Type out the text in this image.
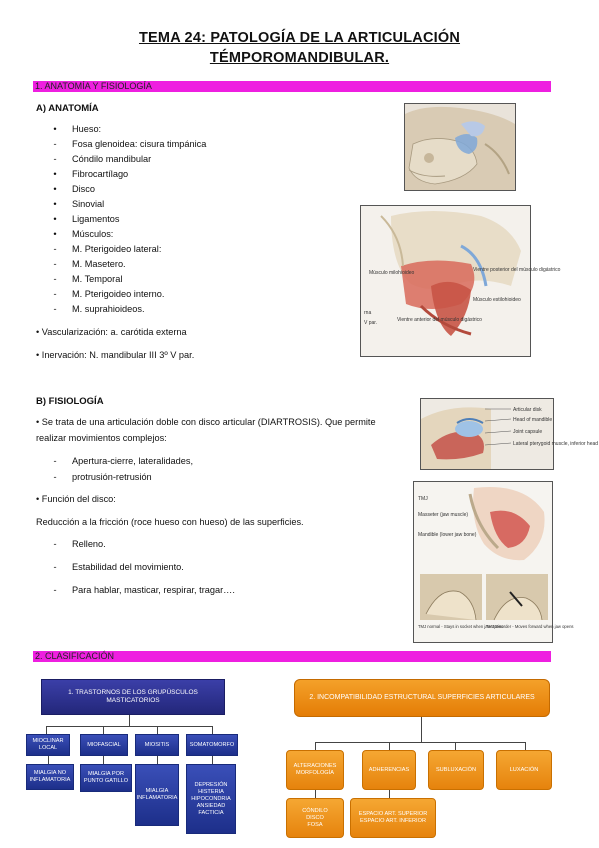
TEMA 24: PATOLOGÍA DE LA ARTICULACIÓN
TÉMPOROMANDIBULAR.
1. ANATOMÍA Y FISIOLOGÍA
A) ANATOMÍA
•	Hueso:
-	Fosa glenoidea: cisura timpánica
-	Cóndilo mandibular
•	Fibrocartílago
•	Disco
•	Sinovial
•	Ligamentos
•	Músculos:
-	M. Pterigoideo lateral:
-	M. Masetero.
-	M. Temporal
-	M. Pterigoideo interno.
-	M. suprahioideos.
• Vascularización: a. carótida externa
• Inervación: N. mandibular III 3º V par.
Músculo milohioideo	Vientre posterior del músculo digástrico
Músculo estilohioideo
Vientre anterior del músculo digástrico
rna
V par.
B) FISIOLOGÍA
• Se trata de una articulación doble con disco articular (DIARTROSIS). Que permite
realizar movimientos complejos:
-	Apertura-cierre, lateralidades,
-	protrusión-retrusión
• Función del disco:
Reducción a la fricción (roce hueso con hueso) de las superficies.
-	Relleno.
-	Estabilidad del movimiento.
-	Para hablar, masticar, respirar, tragar….
Articular disk
Head of mandible
Joint capsule
Lateral pterygoid muscle, inferior head
TMJ
Masseter (jaw muscle)
Mandible (lower jaw bone)
TMJ normal - Stays in socket when jaw opens
TMJ Disorder - Moves forward when jaw opens
2. CLASIFICACIÓN
1. TRASTORNOS DE LOS GRUPÚSCULOS MASTICATORIOS
MIOCLINAR LOCAL
MIOFASCIAL	MIOSITIS	SOMATOMORFO
MIALGIA NO INFLAMATORIA
MIALGIA POR PUNTO GATILLO
MIALGIA INFLAMATORIA
DEPRESIÓN HISTERIA HIPOCONDRIA ANSIEDAD FACTICIA
2. INCOMPATIBILIDAD ESTRUCTURAL SUPERFICIES ARTICULARES
ALTERACIONES MORFOLOGÍA
ADHERENCIAS	SUBLUXACIÓN	LUXACIÓN
CÓNDILO
DISCO
FOSA
ESPACIO ART. SUPERIOR
ESPACIO ART. INFERIOR
